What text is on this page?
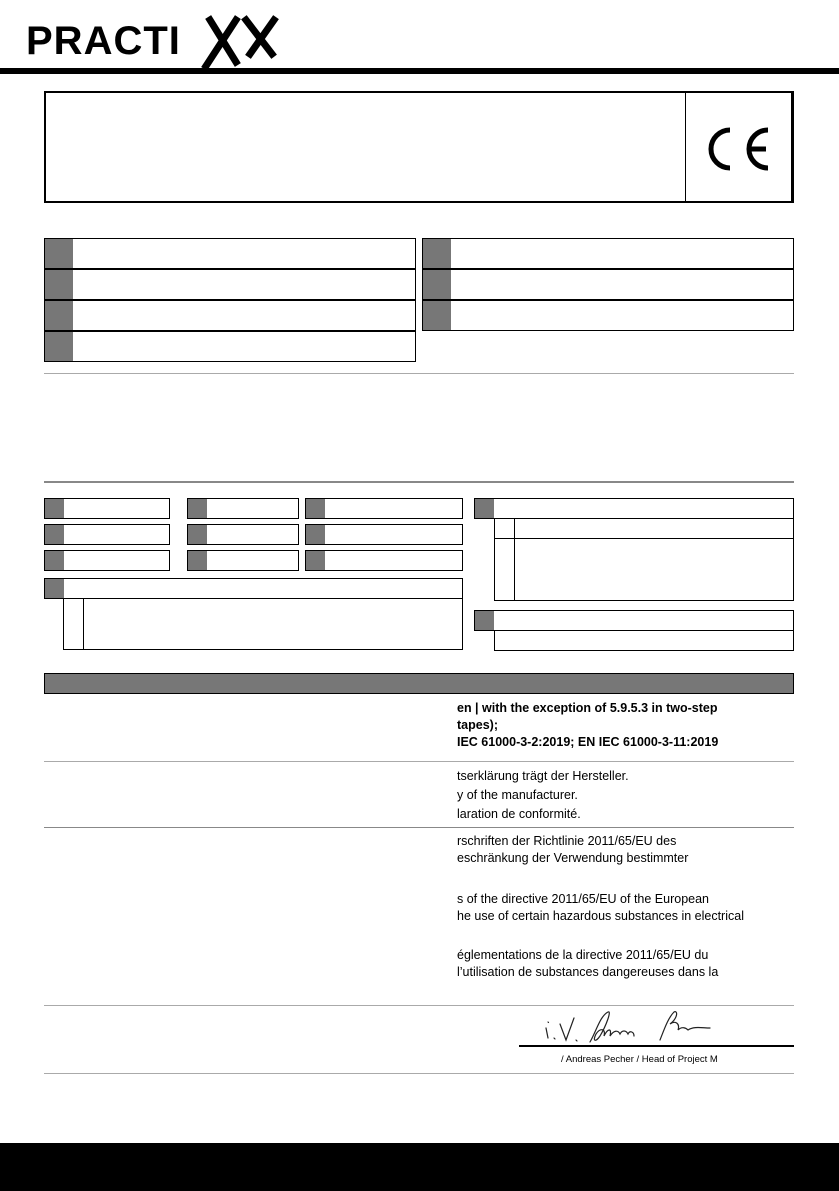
PRACTI
en | with the exception of 5.9.5.3 in two-step
tapes);
IEC 61000-3-2:2019; EN IEC 61000-3-11:2019
tserklärung trägt der Hersteller.
y of the manufacturer.
laration de conformité.
rschriften der Richtlinie 2011/65/EU des
eschränkung der Verwendung bestimmter
s of the directive 2011/65/EU of the European
he use of certain hazardous substances in electrical
églementations de la directive 2011/65/EU du
l’utilisation de substances dangereuses dans la
/ Andreas Pecher / Head of Project M
